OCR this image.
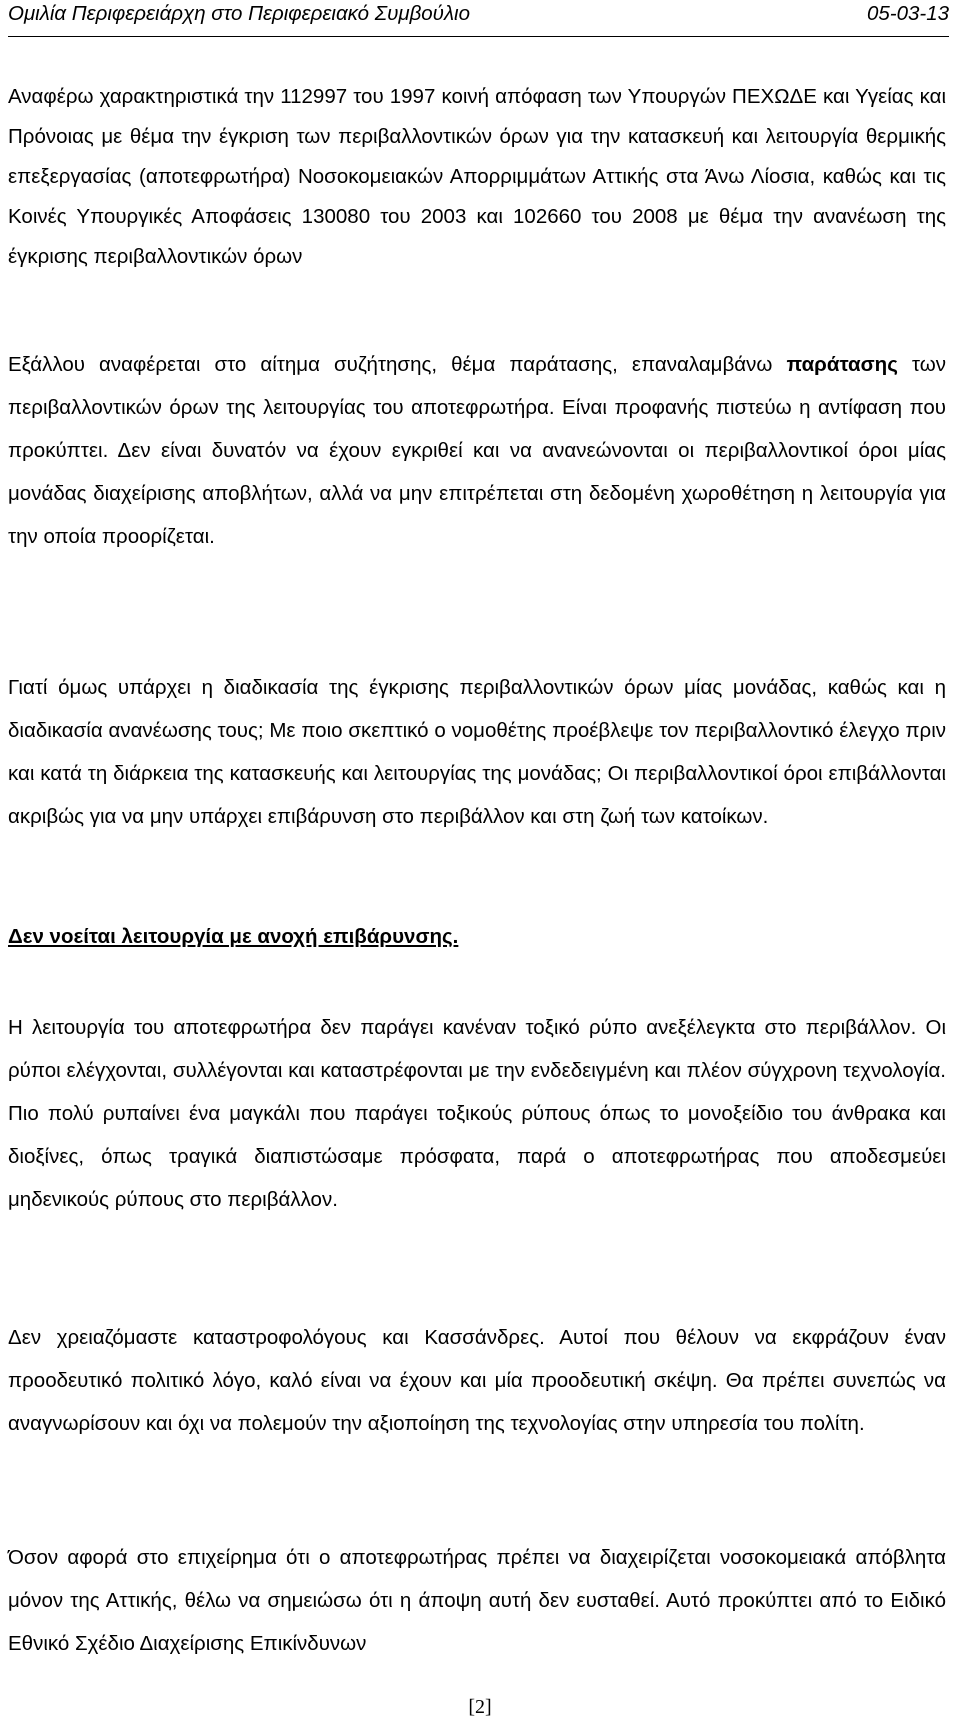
Ομιλία Περιφερειάρχη στο Περιφερειακό Συμβούλιο	05-03-13

Αναφέρω χαρακτηριστικά την 112997 του 1997 κοινή απόφαση των Υπουργών ΠΕΧΩΔΕ και Υγείας και Πρόνοιας με θέμα την έγκριση των περιβαλλοντικών όρων για την κατασκευή και λειτουργία θερμικής επεξεργασίας (αποτεφρωτήρα) Νοσοκομειακών Απορριμμάτων Αττικής στα Άνω Λίοσια, καθώς και τις Κοινές Υπουργικές Αποφάσεις 130080 του 2003 και 102660 του 2008 με θέμα την ανανέωση της έγκρισης περιβαλλοντικών όρων

Εξάλλου αναφέρεται στο αίτημα συζήτησης, θέμα παράτασης, επαναλαμβάνω παράτασης των περιβαλλοντικών όρων της λειτουργίας του αποτεφρωτήρα. Είναι προφανής πιστεύω η αντίφαση που προκύπτει. Δεν είναι δυνατόν να έχουν εγκριθεί και να ανανεώνονται οι περιβαλλοντικοί όροι μίας μονάδας διαχείρισης αποβλήτων, αλλά να μην επιτρέπεται στη δεδομένη χωροθέτηση η λειτουργία για την οποία προορίζεται.

Γιατί όμως υπάρχει η διαδικασία της έγκρισης περιβαλλοντικών όρων μίας μονάδας, καθώς και η διαδικασία ανανέωσης τους; Με ποιο σκεπτικό ο νομοθέτης προέβλεψε τον περιβαλλοντικό έλεγχο πριν και κατά τη διάρκεια της κατασκευής και λειτουργίας της μονάδας; Οι περιβαλλοντικοί όροι επιβάλλονται ακριβώς για να μην υπάρχει επιβάρυνση στο περιβάλλον και στη ζωή των κατοίκων.

Δεν νοείται λειτουργία με ανοχή επιβάρυνσης.

Η λειτουργία του αποτεφρωτήρα δεν παράγει κανέναν τοξικό ρύπο ανεξέλεγκτα στο περιβάλλον. Οι ρύποι ελέγχονται, συλλέγονται και καταστρέφονται με την ενδεδειγμένη και πλέον σύγχρονη τεχνολογία. Πιο πολύ ρυπαίνει ένα μαγκάλι που παράγει τοξικούς ρύπους όπως το μονοξείδιο του άνθρακα και διοξίνες, όπως τραγικά διαπιστώσαμε πρόσφατα, παρά ο αποτεφρωτήρας που αποδεσμεύει μηδενικούς ρύπους στο περιβάλλον.

Δεν χρειαζόμαστε καταστροφολόγους και Κασσάνδρες. Αυτοί που θέλουν να εκφράζουν έναν προοδευτικό πολιτικό λόγο, καλό είναι να έχουν και μία προοδευτική σκέψη. Θα πρέπει συνεπώς να αναγνωρίσουν και όχι να πολεμούν την αξιοποίηση της τεχνολογίας στην υπηρεσία του πολίτη.

Όσον αφορά στο επιχείρημα ότι ο αποτεφρωτήρας πρέπει να διαχειρίζεται νοσοκομειακά απόβλητα μόνον της Αττικής, θέλω να σημειώσω ότι η άποψη αυτή δεν ευσταθεί. Αυτό προκύπτει από το Ειδικό Εθνικό Σχέδιο Διαχείρισης Επικίνδυνων

[2]
